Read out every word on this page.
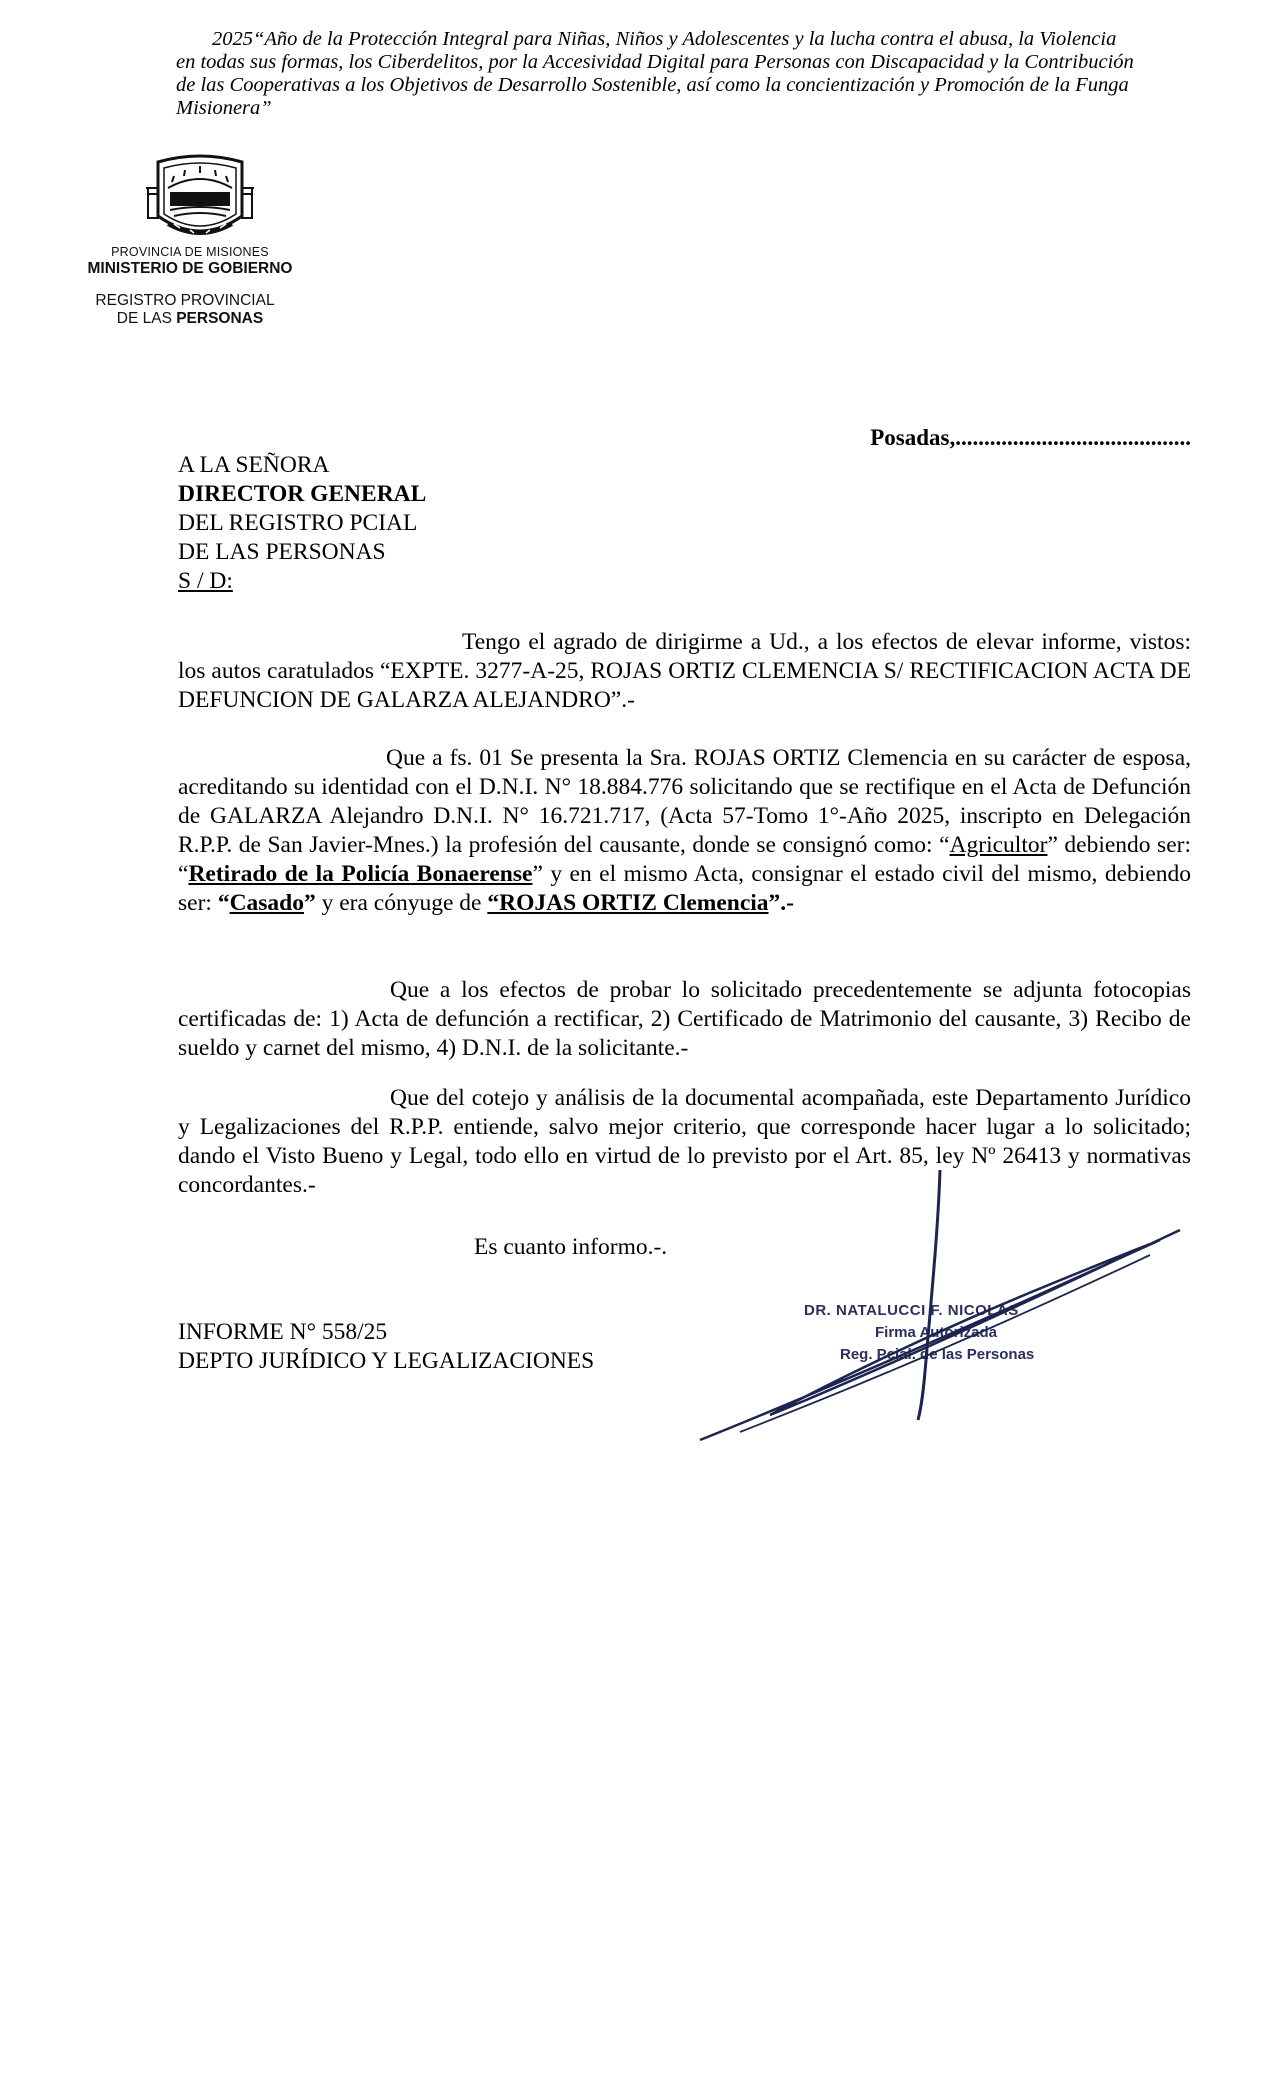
2025“Año de la Protección Integral para Niñas, Niños y Adolescentes y la lucha contra el abusa, la Violencia

en todas sus formas, los Ciberdelitos, por la Accesividad Digital para Personas con Discapacidad y la Contribución

de las Cooperativas a los Objetivos de Desarrollo Sostenible, así como la concientización y Promoción de la Funga

Misionera”

PROVINCIA DE MISIONES
MINISTERIO DE GOBIERNO
REGISTRO PROVINCIAL
DE LAS PERSONAS
Posadas,.........................................
A LA SEÑORA
DIRECTOR GENERAL
DEL REGISTRO PCIAL
DE LAS PERSONAS
S / D:

Tengo el agrado de dirigirme a Ud., a los efectos de elevar informe, vistos: los autos caratulados “EXPTE. 3277-A-25, ROJAS ORTIZ CLEMENCIA S/ RECTIFICACION ACTA DE DEFUNCION DE GALARZA ALEJANDRO”.-

Que a fs. 01 Se presenta la Sra. ROJAS ORTIZ Clemencia en su carácter de esposa, acreditando su identidad con el D.N.I. N° 18.884.776 solicitando que se rectifique en el Acta de Defunción de GALARZA Alejandro D.N.I. N° 16.721.717, (Acta 57-Tomo 1°-Año 2025, inscripto en Delegación R.P.P. de San Javier-Mnes.) la profesión del causante, donde se consignó como: “Agricultor” debiendo ser: “Retirado de la Policía Bonaerense” y en el mismo Acta, consignar el estado civil del mismo, debiendo ser: “Casado” y era cónyuge de “ROJAS ORTIZ Clemencia”.-

Que a los efectos de probar lo solicitado precedentemente se adjunta fotocopias certificadas de: 1) Acta de defunción a rectificar, 2) Certificado de Matrimonio del causante, 3) Recibo de sueldo y carnet del mismo, 4) D.N.I. de la solicitante.-

Que del cotejo y análisis de la documental acompañada, este Departamento Jurídico y Legalizaciones del R.P.P. entiende, salvo mejor criterio, que corresponde hacer lugar a lo solicitado; dando el Visto Bueno y Legal, todo ello en virtud de lo previsto por el Art. 85, ley Nº 26413 y normativas concordantes.-

Es cuanto informo.-.
INFORME N° 558/25
DEPTO JURÍDICO Y LEGALIZACIONES
DR. NATALUCCI F. NICOLAS
Firma Autorizada
Reg. Pcial. de las Personas
